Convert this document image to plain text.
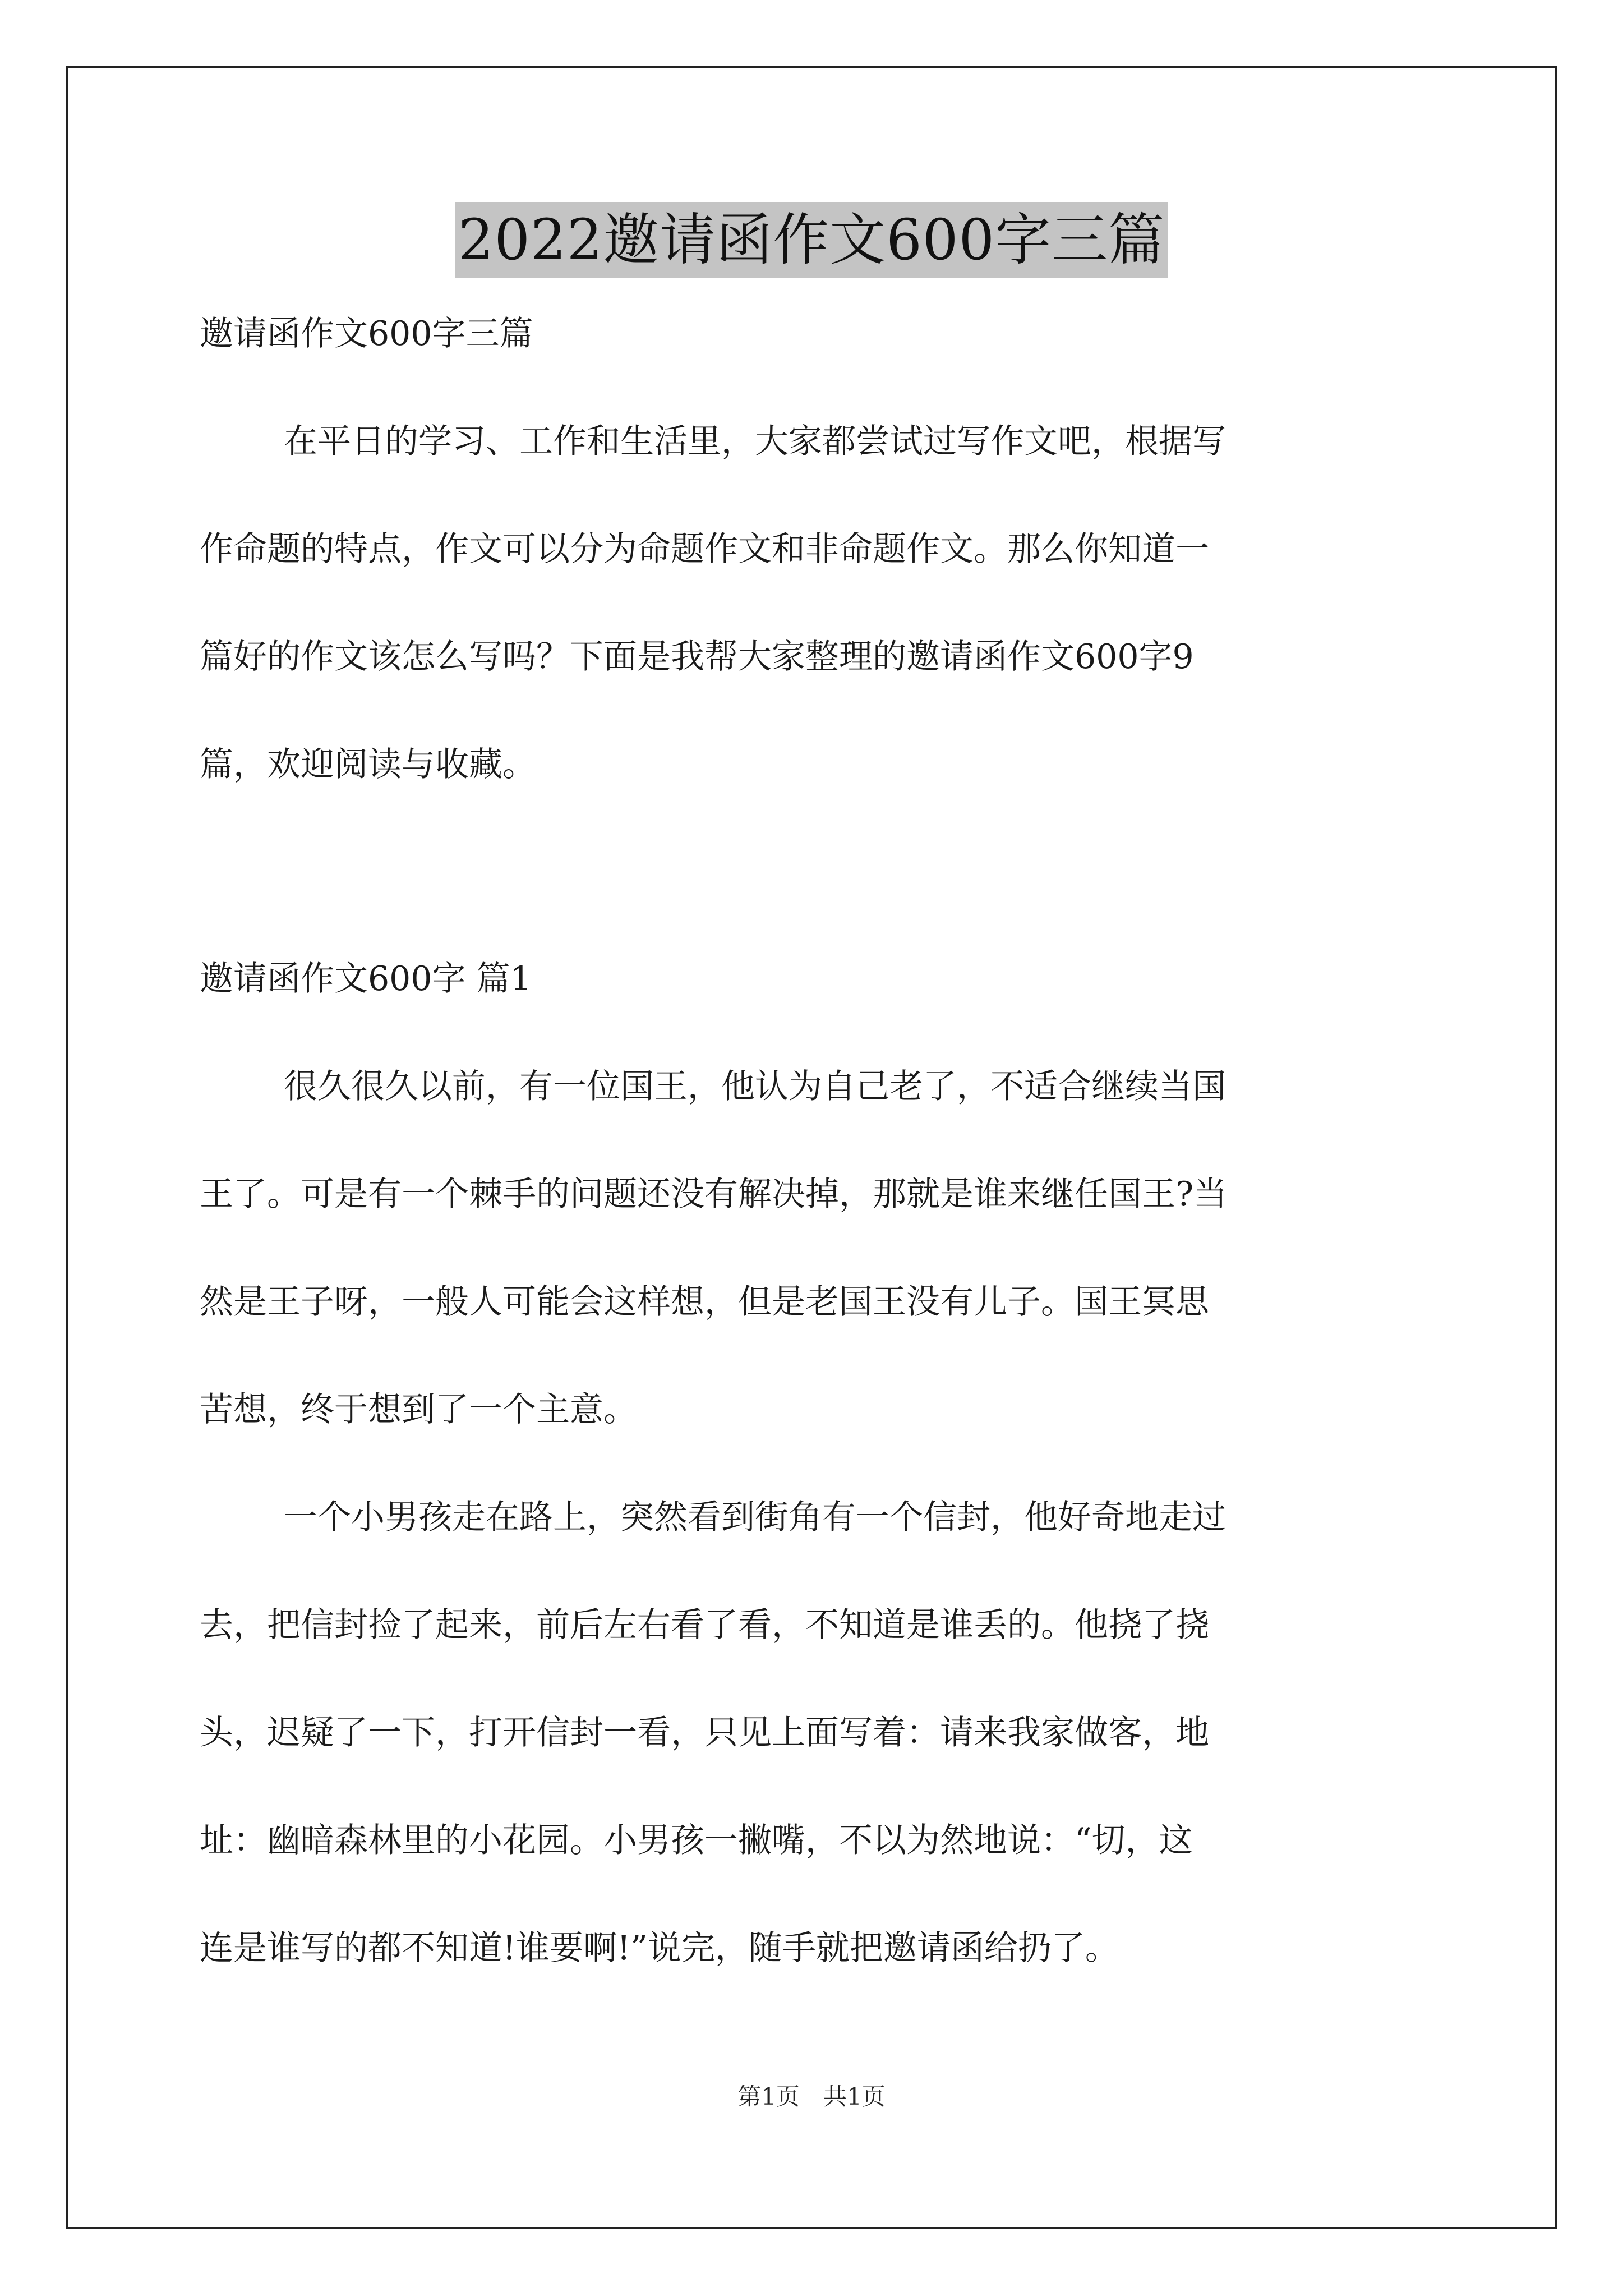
2022邀请函作文600字三篇

邀请函作文600字三篇

在平日的学习、工作和生活里，大家都尝试过写作文吧，根据写

作命题的特点，作文可以分为命题作文和非命题作文。那么你知道一

篇好的作文该怎么写吗？下面是我帮大家整理的邀请函作文600字9

篇，欢迎阅读与收藏。

邀请函作文600字 篇1

很久很久以前，有一位国王，他认为自己老了，不适合继续当国

王了。可是有一个棘手的问题还没有解决掉，那就是谁来继任国王?当

然是王子呀，一般人可能会这样想，但是老国王没有儿子。国王冥思

苦想，终于想到了一个主意。

一个小男孩走在路上，突然看到街角有一个信封，他好奇地走过

去，把信封捡了起来，前后左右看了看，不知道是谁丢的。他挠了挠

头，迟疑了一下，打开信封一看，只见上面写着：请来我家做客，地

址：幽暗森林里的小花园。小男孩一撇嘴，不以为然地说：“切，这

连是谁写的都不知道!谁要啊!”说完，随手就把邀请函给扔了。

第1页　共1页
